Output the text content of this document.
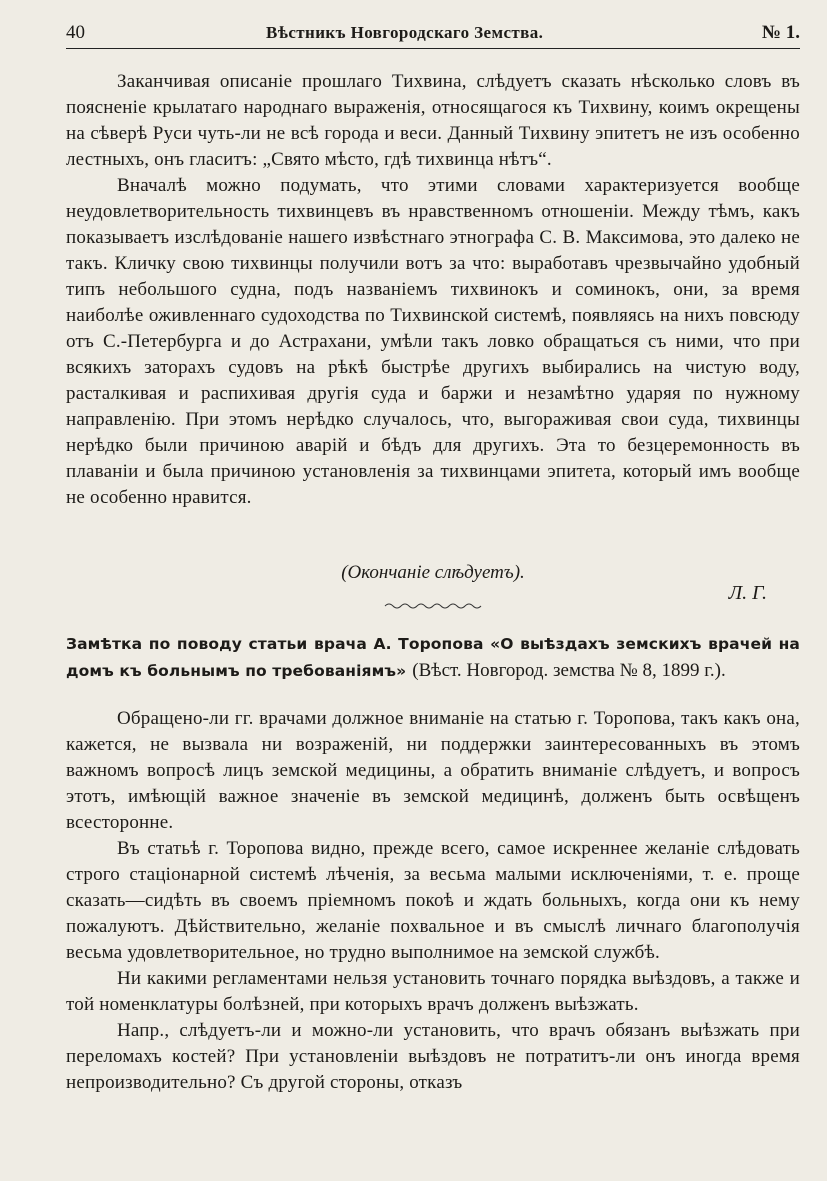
40	Вѣстникъ Новгородскаго Земства.	№ 1.

Заканчивая описаніе прошлаго Тихвина, слѣдуетъ сказать нѣсколько словъ въ поясненіе крылатаго народнаго выраженія, относящагося къ Тихвину, коимъ окрещены на сѣверѣ Руси чуть-ли не всѣ города и веси. Данный Тихвину эпитетъ не изъ особенно лестныхъ, онъ гласитъ: „Свято мѣсто, гдѣ тихвинца нѣтъ“.

Вначалѣ можно подумать, что этими словами характеризуется вообще неудовлетворительность тихвинцевъ въ нравственномъ отношеніи. Между тѣмъ, какъ показываетъ изслѣдованіе нашего извѣстнаго этнографа С. В. Максимова, это далеко не такъ. Кличку свою тихвинцы получили вотъ за что: выработавъ чрезвычайно удобный типъ небольшого судна, подъ названіемъ тихвинокъ и соминокъ, они, за время наиболѣе оживленнаго судоходства по Тихвинской системѣ, появляясь на нихъ повсюду отъ С.-Петербурга и до Астрахани, умѣли такъ ловко обращаться съ ними, что при всякихъ заторахъ судовъ на рѣкѣ быстрѣе другихъ выбирались на чистую воду, расталкивая и распихивая другія суда и баржи и незамѣтно ударяя по нужному направленію. При этомъ нерѣдко случалось, что, выгораживая свои суда, тихвинцы нерѣдко были причиною аварій и бѣдъ для другихъ. Эта то безцеремонность въ плаваніи и была причиною установленія за тихвинцами эпитета, который имъ вообще не особенно нравится.

(Окончаніе слѣдуетъ).
Л. Г.
Замѣтка по поводу статьи врача А. Торопова «О выѣздахъ земскихъ врачей на домъ къ больнымъ по требованіямъ» (Вѣст. Новгород. земства № 8, 1899 г.).

Обращено-ли гг. врачами должное вниманіе на статью г. Торопова, такъ какъ она, кажется, не вызвала ни возраженій, ни поддержки заинтересованныхъ въ этомъ важномъ вопросѣ лицъ земской медицины, а обратить вниманіе слѣдуетъ, и вопросъ этотъ, имѣющій важное значеніе въ земской медицинѣ, долженъ быть освѣщенъ всесторонне.

Въ статьѣ г. Торопова видно, прежде всего, самое искреннее желаніе слѣдовать строго стаціонарной системѣ лѣченія, за весьма малыми исключеніями, т. е. проще сказать—сидѣть въ своемъ пріемномъ покоѣ и ждать больныхъ, когда они къ нему пожалуютъ. Дѣйствительно, желаніе похвальное и въ смыслѣ личнаго благополучія весьма удовлетворительное, но трудно выполнимое на земской службѣ.

Ни какими регламентами нельзя установить точнаго порядка выѣздовъ, а также и той номенклатуры болѣзней, при которыхъ врачъ долженъ выѣзжать.

Напр., слѣдуетъ-ли и можно-ли установить, что врачъ обязанъ выѣзжать при переломахъ костей? При установленіи выѣздовъ не потратитъ-ли онъ иногда время непроизводительно? Съ другой стороны, отказъ
